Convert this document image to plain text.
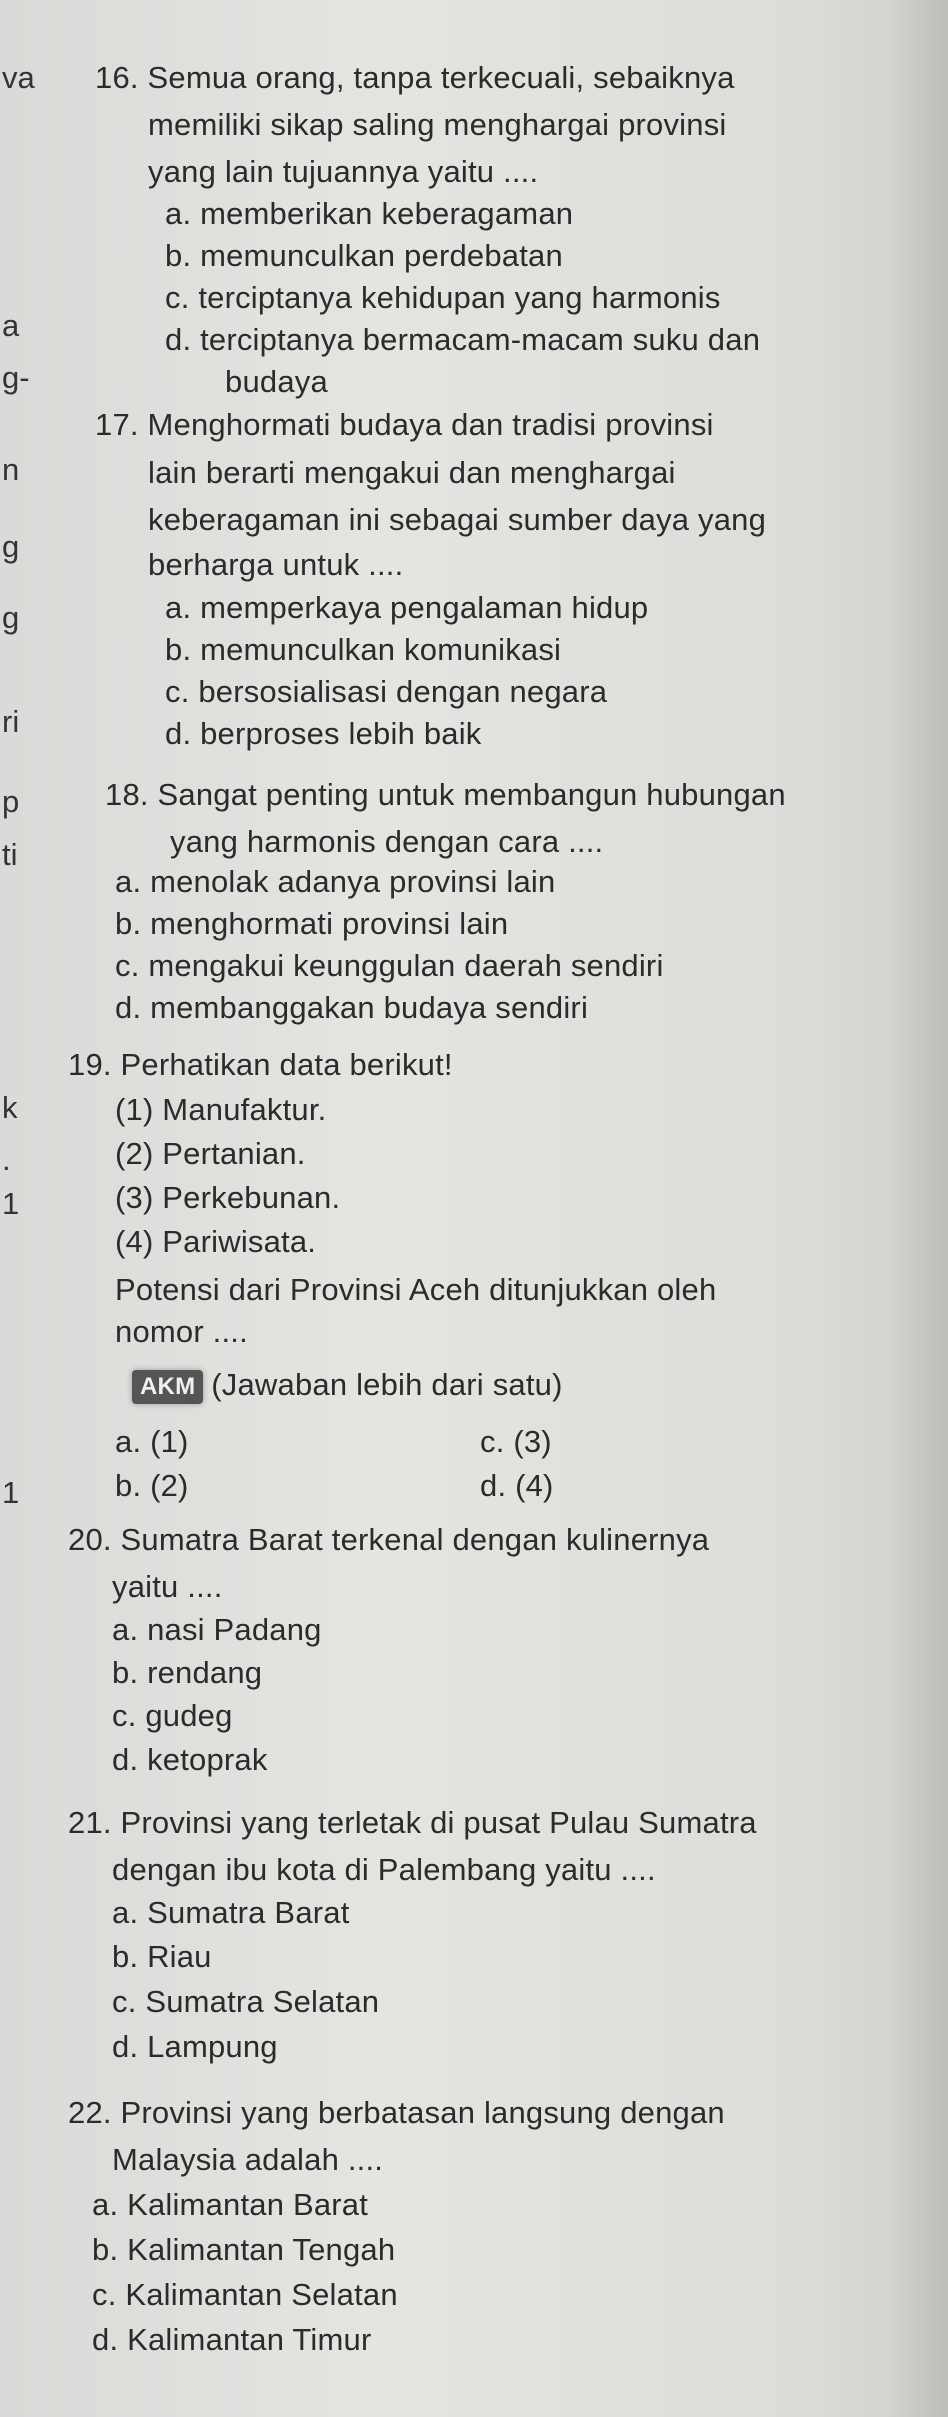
va
a
g-
n
g
g
ri
p
ti
k
.
1
1
16. Semua orang, tanpa terkecuali, sebaiknya
memiliki sikap saling menghargai provinsi
yang lain tujuannya yaitu ....
a. memberikan keberagaman
b. memunculkan perdebatan
c. terciptanya kehidupan yang harmonis
d. terciptanya bermacam-macam suku dan
budaya
17. Menghormati budaya dan tradisi provinsi
lain berarti mengakui dan menghargai
keberagaman ini sebagai sumber daya yang
berharga untuk ....
a. memperkaya pengalaman hidup
b. memunculkan komunikasi
c. bersosialisasi dengan negara
d. berproses lebih baik
18. Sangat penting untuk membangun hubungan
yang harmonis dengan cara ....
a. menolak adanya provinsi lain
b. menghormati provinsi lain
c. mengakui keunggulan daerah sendiri
d. membanggakan budaya sendiri
19. Perhatikan data berikut!
(1) Manufaktur.
(2) Pertanian.
(3) Perkebunan.
(4) Pariwisata.
Potensi dari Provinsi Aceh ditunjukkan oleh
nomor ....
AKM (Jawaban lebih dari satu)
a. (1)	c. (3)
b. (2)	d. (4)
20. Sumatra Barat terkenal dengan kulinernya
yaitu ....
a. nasi Padang
b. rendang
c. gudeg
d. ketoprak
21. Provinsi yang terletak di pusat Pulau Sumatra
dengan ibu kota di Palembang yaitu ....
a. Sumatra Barat
b. Riau
c. Sumatra Selatan
d. Lampung
22. Provinsi yang berbatasan langsung dengan
Malaysia adalah ....
a. Kalimantan Barat
b. Kalimantan Tengah
c. Kalimantan Selatan
d. Kalimantan Timur
